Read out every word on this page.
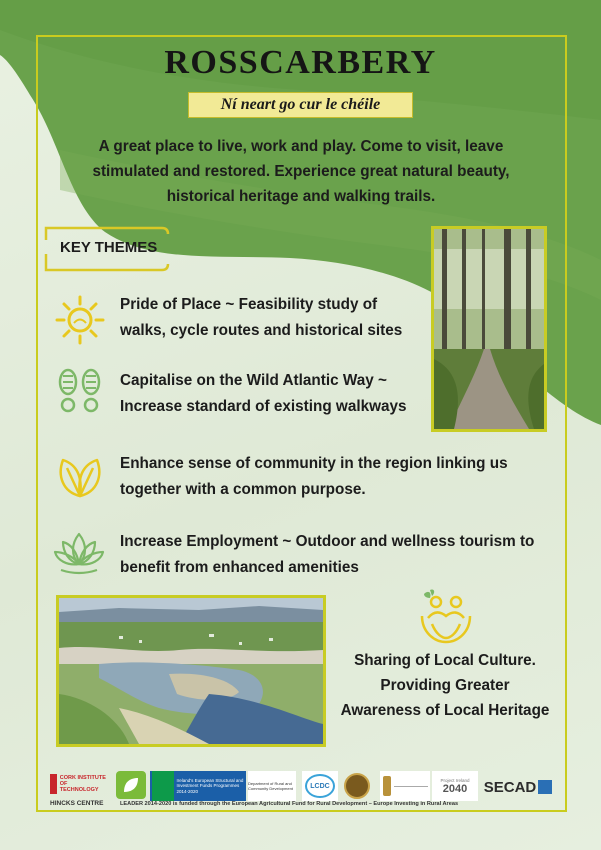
ROSSCARBERY
Ní neart go cur le chéile
A great place to live, work and play. Come to visit, leave stimulated and restored. Experience great natural beauty, historical heritage and walking trails.
KEY THEMES
Pride of Place ~ Feasibility study of walks, cycle routes and historical sites
Capitalise on the Wild Atlantic Way ~ Increase standard of existing walkways
Enhance sense of community in the region linking us together with a common purpose.
Increase Employment ~ Outdoor and wellness tourism to benefit from enhanced amenities
Sharing of Local Culture. Providing Greater Awareness of Local Heritage
CORK INSTITUTE OF TECHNOLOGY
HINCKS CENTRE
Ireland's European Structural and Investment Funds Programmes 2014-2020
Department of Rural and Community Development	LCDC
Project Ireland
2040 SECAD
LEADER 2014-2020 is funded through the European Agricultural Fund for Rural Development – Europe Investing in Rural Areas
